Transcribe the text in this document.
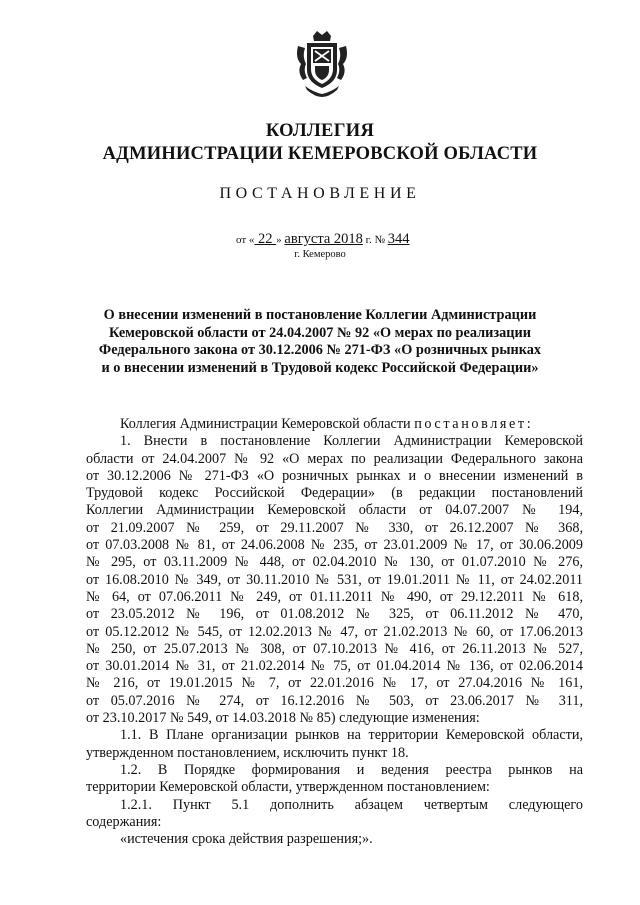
КОЛЛЕГИЯ
АДМИНИСТРАЦИИ КЕМЕРОВСКОЙ ОБЛАСТИ
ПОСТАНОВЛЕНИЕ
от « 22 » августа 2018 г. № 344
г. Кемерово
О внесении изменений в постановление Коллегии Администрации
Кемеровской области от 24.04.2007 № 92 «О мерах по реализации
Федерального закона от 30.12.2006 № 271-ФЗ «О розничных рынках
и о внесении изменений в Трудовой кодекс Российской Федерации»
Коллегия Администрации Кемеровской области постановляет:
1. Внести в постановление Коллегии Администрации Кемеровской
области от 24.04.2007 № 92 «О мерах по реализации Федерального закона
от 30.12.2006 № 271-ФЗ «О розничных рынках и о внесении изменений в
Трудовой кодекс Российской Федерации» (в редакции постановлений
Коллегии Администрации Кемеровской области от 04.07.2007 № 194,
от 21.09.2007 № 259, от 29.11.2007 № 330, от 26.12.2007 № 368,
от 07.03.2008 № 81, от 24.06.2008 № 235, от 23.01.2009 № 17, от 30.06.2009
№ 295, от 03.11.2009 № 448, от 02.04.2010 № 130, от 01.07.2010 № 276,
от 16.08.2010 № 349, от 30.11.2010 № 531, от 19.01.2011 № 11, от 24.02.2011
№ 64, от 07.06.2011 № 249, от 01.11.2011 № 490, от 29.12.2011 № 618,
от 23.05.2012 № 196, от 01.08.2012 № 325, от 06.11.2012 № 470,
от 05.12.2012 № 545, от 12.02.2013 № 47, от 21.02.2013 № 60, от 17.06.2013
№ 250, от 25.07.2013 № 308, от 07.10.2013 № 416, от 26.11.2013 № 527,
от 30.01.2014 № 31, от 21.02.2014 № 75, от 01.04.2014 № 136, от 02.06.2014
№ 216, от 19.01.2015 № 7, от 22.01.2016 № 17, от 27.04.2016 № 161,
от 05.07.2016 № 274, от 16.12.2016 № 503, от 23.06.2017 № 311,
от 23.10.2017 № 549, от 14.03.2018 № 85) следующие изменения:
1.1. В Плане организации рынков на территории Кемеровской области,
утвержденном постановлением, исключить пункт 18.
1.2. В Порядке формирования и ведения реестра рынков на
территории Кемеровской области, утвержденном постановлением:
1.2.1. Пункт 5.1 дополнить абзацем четвертым следующего
содержания:
«истечения срока действия разрешения;».
